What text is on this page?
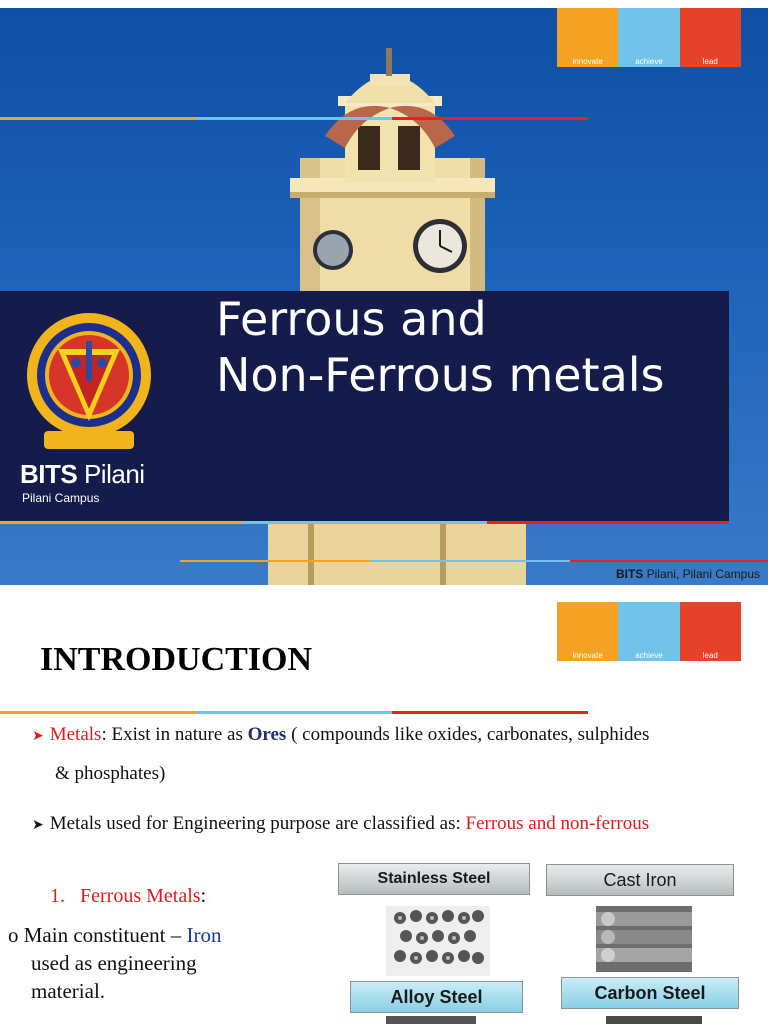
innovate	achieve	lead
Ferrous and
Non-Ferrous metals
BITS Pilani
Pilani Campus
BITS Pilani, Pilani Campus
INTRODUCTION	innovate	achieve	lead
➤ Metals: Exist in nature as Ores ( compounds like oxides, carbonates, sulphides
& phosphates)
➤ Metals used for Engineering purpose are classified as: Ferrous and non-ferrous
1. Ferrous Metals:
o Main constituent – Iron
used as engineering material.
Stainless Steel	Cast Iron
Alloy Steel	Carbon Steel
